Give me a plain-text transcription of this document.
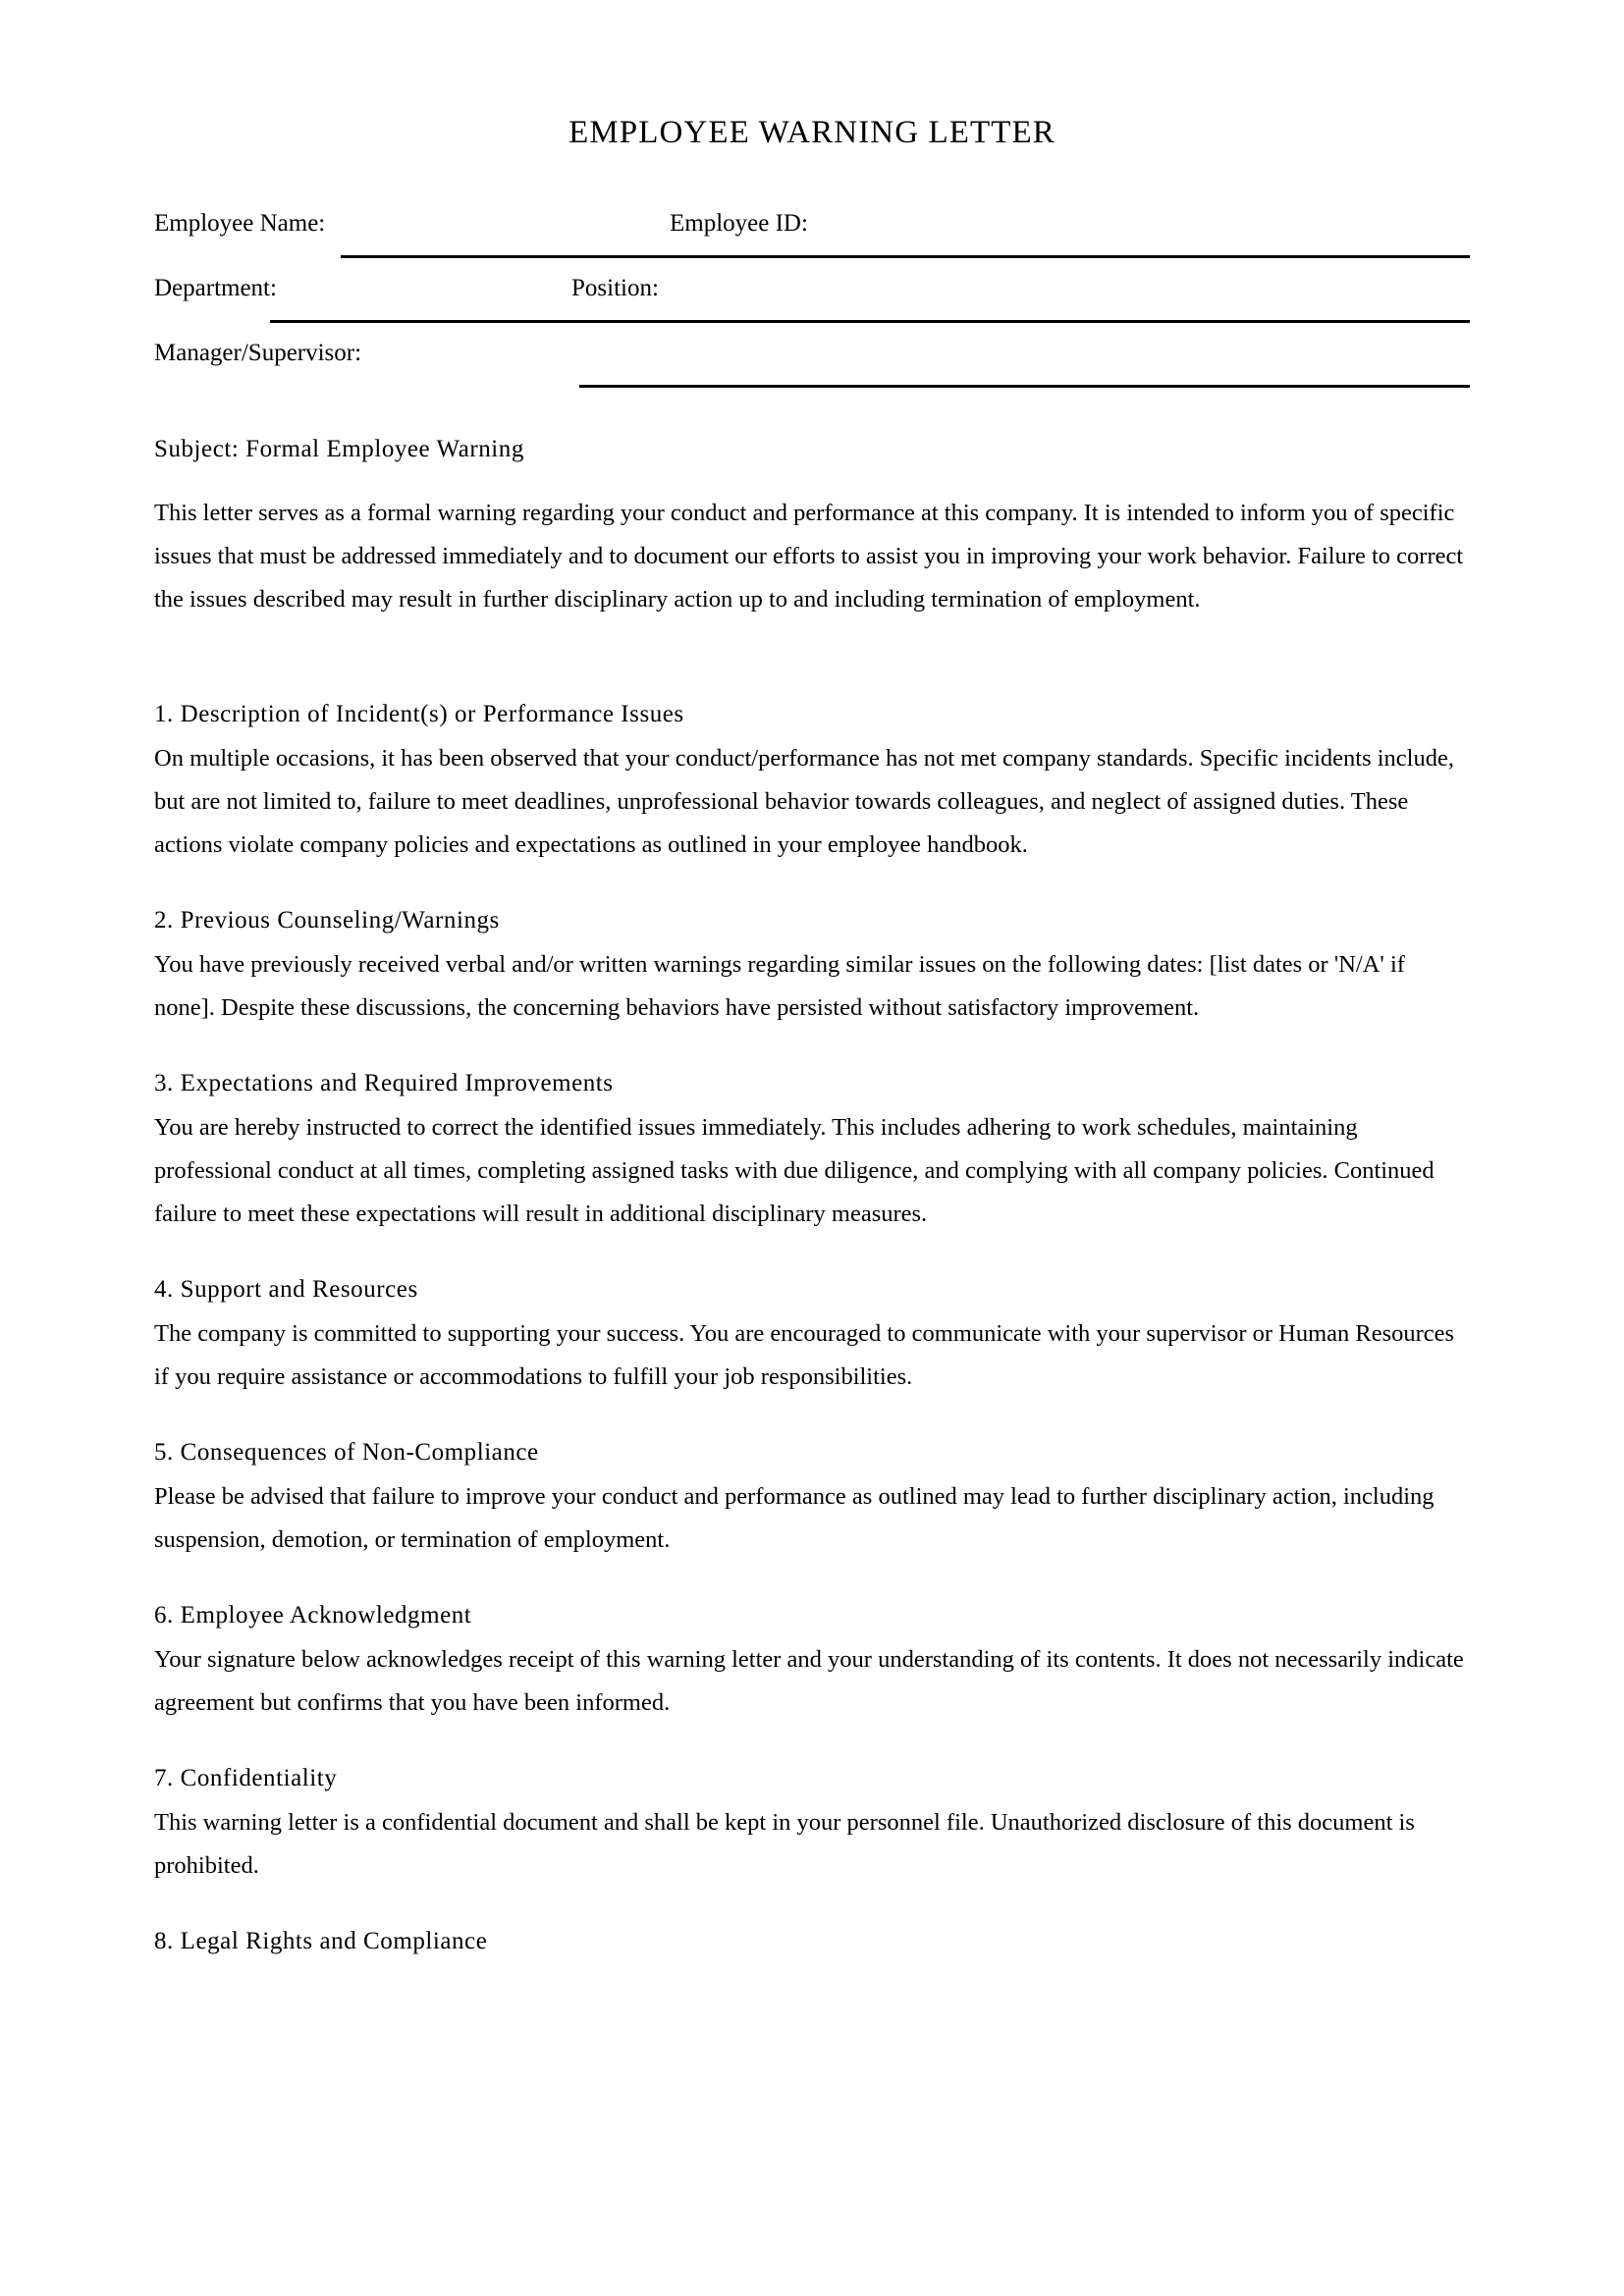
EMPLOYEE WARNING LETTER
Employee Name:	Employee ID:
Department:	Position:
Manager/Supervisor:
Subject: Formal Employee Warning

This letter serves as a formal warning regarding your conduct and performance at this company. It is intended to inform you of specific issues that must be addressed immediately and to document our efforts to assist you in improving your work behavior. Failure to correct the issues described may result in further disciplinary action up to and including termination of employment.

1. Description of Incident(s) or Performance Issues

On multiple occasions, it has been observed that your conduct/performance has not met company standards. Specific incidents include, but are not limited to, failure to meet deadlines, unprofessional behavior towards colleagues, and neglect of assigned duties. These actions violate company policies and expectations as outlined in your employee handbook.

2. Previous Counseling/Warnings

You have previously received verbal and/or written warnings regarding similar issues on the following dates: [list dates or 'N/A' if none]. Despite these discussions, the concerning behaviors have persisted without satisfactory improvement.

3. Expectations and Required Improvements

You are hereby instructed to correct the identified issues immediately. This includes adhering to work schedules, maintaining professional conduct at all times, completing assigned tasks with due diligence, and complying with all company policies. Continued failure to meet these expectations will result in additional disciplinary measures.

4. Support and Resources

The company is committed to supporting your success. You are encouraged to communicate with your supervisor or Human Resources if you require assistance or accommodations to fulfill your job responsibilities.

5. Consequences of Non-Compliance

Please be advised that failure to improve your conduct and performance as outlined may lead to further disciplinary action, including suspension, demotion, or termination of employment.

6. Employee Acknowledgment

Your signature below acknowledges receipt of this warning letter and your understanding of its contents. It does not necessarily indicate agreement but confirms that you have been informed.

7. Confidentiality

This warning letter is a confidential document and shall be kept in your personnel file. Unauthorized disclosure of this document is prohibited.

8. Legal Rights and Compliance
